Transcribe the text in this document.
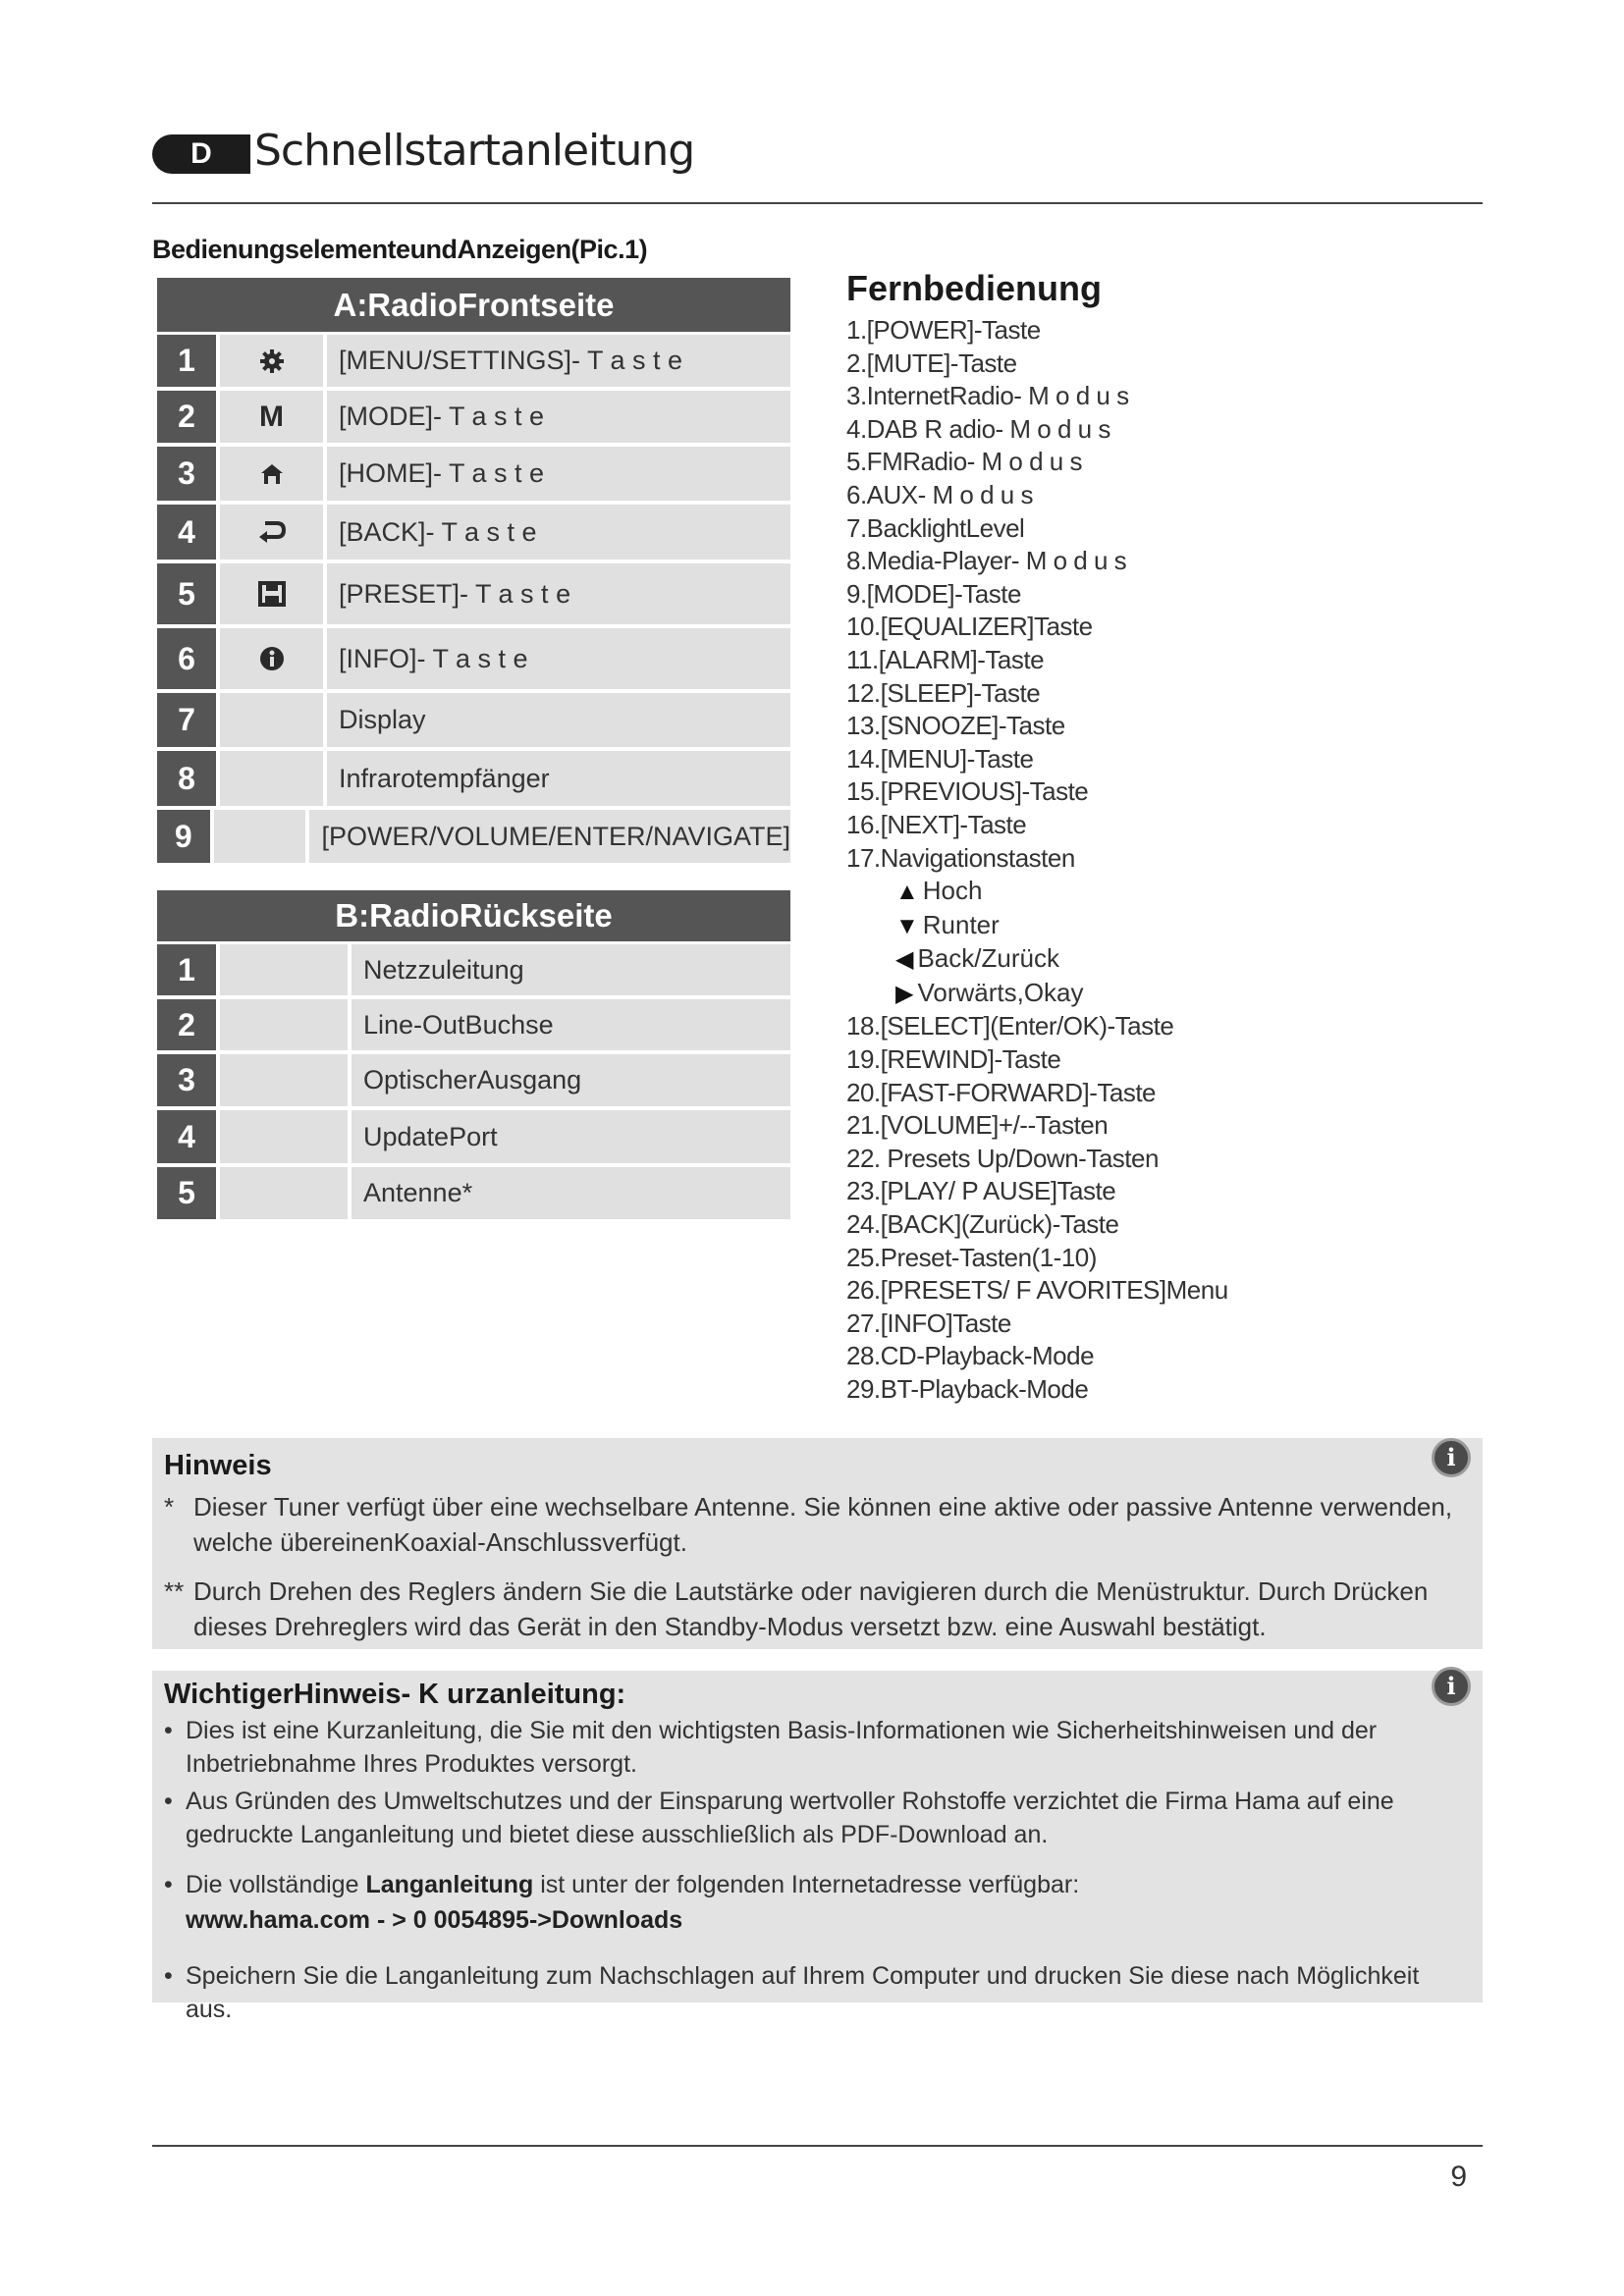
D Schnellstartanleitung
BedienungselementeundAnzeigen(Pic.1)
A:RadioFrontseite
1	[MENU/SETTINGS]- T a s t e
2	M	[MODE]- T a s t e
3	[HOME]- T a s t e
4	[BACK]- T a s t e
5	[PRESET]- T a s t e
6	[INFO]- T a s t e
7	Display
8	Infrarotempfänger
9	[POWER/VOLUME/ENTER/NAVIGATE]
B:RadioRückseite
1	Netzzuleitung
2	Line-OutBuchse
3	OptischerAusgang
4	UpdatePort
5	Antenne*
Fernbedienung
1.[POWER]-Taste
2.[MUTE]-Taste
3.InternetRadio- M o d u s
4.DAB R adio- M o d u s
5.FMRadio- M o d u s
6.AUX- M o d u s
7.BacklightLevel
8.Media-Player- M o d u s
9.[MODE]-Taste
10.[EQUALIZER]Taste
11.[ALARM]-Taste
12.[SLEEP]-Taste
13.[SNOOZE]-Taste
14.[MENU]-Taste
15.[PREVIOUS]-Taste
16.[NEXT]-Taste
17.Navigationstasten
▲ Hoch
▼ Runter
◀ Back/Zurück
▶ Vorwärts,Okay
18.[SELECT](Enter/OK)-Taste
19.[REWIND]-Taste
20.[FAST-FORWARD]-Taste
21.[VOLUME]+/--Tasten
22. Presets Up/Down-Tasten
23.[PLAY/ P AUSE]Taste
24.[BACK](Zurück)-Taste
25.Preset-Tasten(1-10)
26.[PRESETS/ F AVORITES]Menu
27.[INFO]Taste
28.CD-Playback-Mode
29.BT-Playback-Mode
Hinweis	i
* Dieser Tuner verfügt über eine wechselbare Antenne. Sie können eine aktive oder passive Antenne verwenden, welche übereinenKoaxial-Anschlussverfügt.
** Durch Drehen des Reglers ändern Sie die Lautstärke oder navigieren durch die Menüstruktur. Durch Drücken dieses Drehreglers wird das Gerät in den Standby-Modus versetzt bzw. eine Auswahl bestätigt.
WichtigerHinweis- K urzanleitung:	i
• Dies ist eine Kurzanleitung, die Sie mit den wichtigsten Basis-Informationen wie Sicherheitshinweisen und der Inbetriebnahme Ihres Produktes versorgt.
• Aus Gründen des Umweltschutzes und der Einsparung wertvoller Rohstoffe verzichtet die Firma Hama auf eine gedruckte Langanleitung und bietet diese ausschließlich als PDF-Download an.
• Die vollständige Langanleitung ist unter der folgenden Internetadresse verfügbar:
www.hama.com - > 0 0054895->Downloads
• Speichern Sie die Langanleitung zum Nachschlagen auf Ihrem Computer und drucken Sie diese nach Möglichkeit aus.
9
